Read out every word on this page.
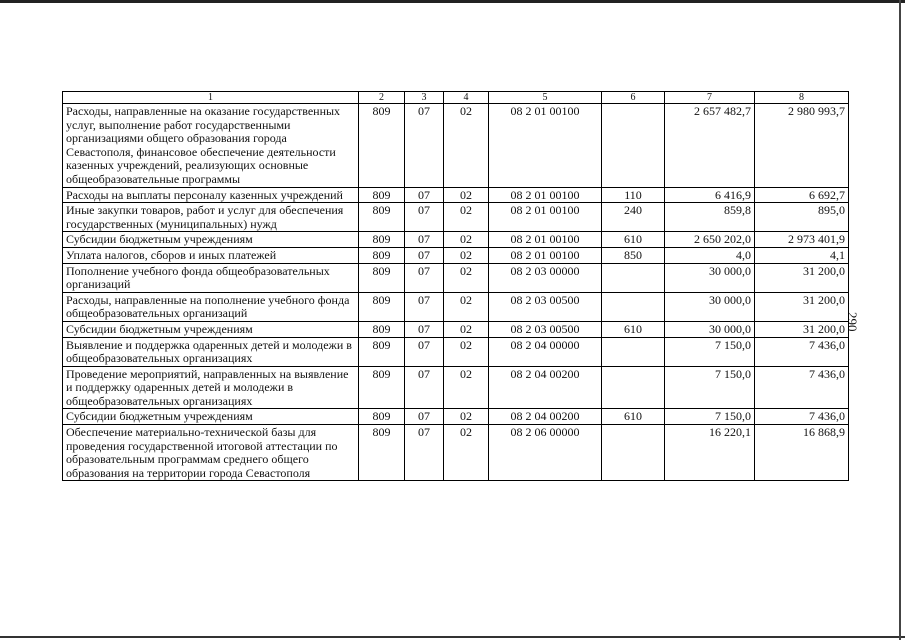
290
1	2	3	4	5	6	7	8
Расходы, направленные на оказание государственных услуг, выполнение работ государственными организациями общего образования города Севастополя, финансовое обеспечение деятельности казенных учреждений, реализующих основные общеобразовательные программы	809	07	02	08 2 01 00100		2 657 482,7	2 980 993,7
Расходы на выплаты персоналу казенных учреждений	809	07	02	08 2 01 00100	110	6 416,9	6 692,7
Иные закупки товаров, работ и услуг для обеспечения государственных (муниципальных) нужд	809	07	02	08 2 01 00100	240	859,8	895,0
Субсидии бюджетным учреждениям	809	07	02	08 2 01 00100	610	2 650 202,0	2 973 401,9
Уплата налогов, сборов и иных платежей	809	07	02	08 2 01 00100	850	4,0	4,1
Пополнение учебного фонда общеобразовательных организаций	809	07	02	08 2 03 00000		30 000,0	31 200,0
Расходы, направленные на пополнение учебного фонда общеобразовательных организаций	809	07	02	08 2 03 00500		30 000,0	31 200,0
Субсидии бюджетным учреждениям	809	07	02	08 2 03 00500	610	30 000,0	31 200,0
Выявление и поддержка одаренных детей и молодежи в общеобразовательных организациях	809	07	02	08 2 04 00000		7 150,0	7 436,0
Проведение мероприятий, направленных на выявление и поддержку одаренных детей и молодежи в общеобразовательных организациях	809	07	02	08 2 04 00200		7 150,0	7 436,0
Субсидии бюджетным учреждениям	809	07	02	08 2 04 00200	610	7 150,0	7 436,0
Обеспечение материально-технической базы для проведения государственной итоговой аттестации по образовательным программам среднего общего образования на территории города Севастополя	809	07	02	08 2 06 00000		16 220,1	16 868,9
